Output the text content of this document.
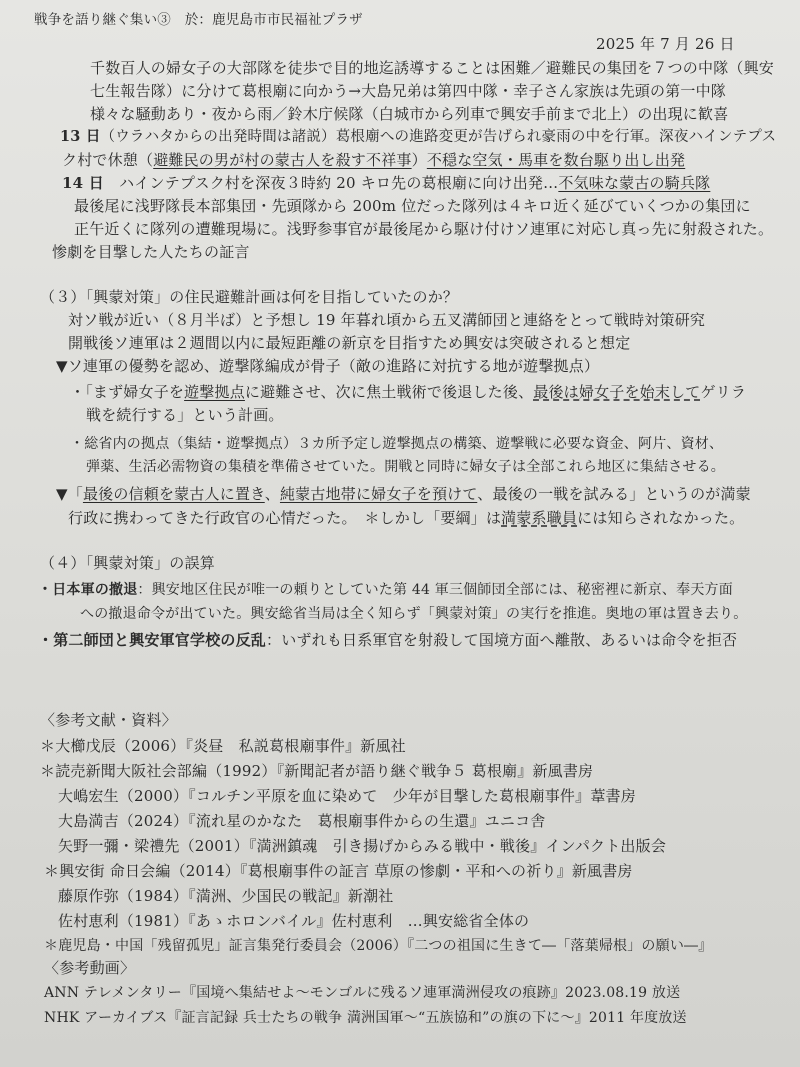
戦争を語り継ぐ集い③　於：鹿児島市市民福祉プラザ
2025 年 7 月 26 日
千数百人の婦女子の大部隊を徒歩で目的地迄誘導することは困難／避難民の集団を７つの中隊（興安
七生報告隊）に分けて葛根廟に向かう→大島兄弟は第四中隊・幸子さん家族は先頭の第一中隊
様々な騒動あり・夜から雨／鈴木庁候隊（白城市から列車で興安手前まで北上）の出現に歓喜
13 日（ウラハタからの出発時間は諸説）葛根廟への進路変更が告げられ豪雨の中を行軍。深夜ハインテプス
ク村で休憩（避難民の男が村の蒙古人を殺す不祥事）不穏な空気・馬車を数台駆り出し出発
14 日　 ハインテプスク村を深夜３時約 20 キロ先の葛根廟に向け出発…不気味な蒙古の騎兵隊
最後尾に浅野隊長本部集団・先頭隊から 200m 位だった隊列は４キロ近く延びていくつかの集団に
正午近くに隊列の遭難現場に。浅野参事官が最後尾から駆け付けソ連軍に対応し真っ先に射殺された。
惨劇を目撃した人たちの証言
（３）「興蒙対策」の住民避難計画は何を目指していたのか？
対ソ戦が近い（８月半ば）と予想し 19 年暮れ頃から五叉溝師団と連絡をとって戦時対策研究
開戦後ソ連軍は２週間以内に最短距離の新京を目指すため興安は突破されると想定
▼ソ連軍の優勢を認め、遊撃隊編成が骨子（敵の進路に対抗する地が遊撃拠点）
・「まず婦女子を遊撃拠点に避難させ、次に焦土戦術で後退した後、最後は婦女子を始末してゲリラ
戦を続行する」という計画。
・総省内の拠点（集結・遊撃拠点）３カ所予定し遊撃拠点の構築、遊撃戦に必要な資金、阿片、資材、
弾薬、生活必需物資の集積を準備させていた。開戦と同時に婦女子は全部これら地区に集結させる。
▼「最後の信頼を蒙古人に置き、純蒙古地帯に婦女子を預けて、最後の一戦を試みる」というのが満蒙
行政に携わってきた行政官の心情だった。　＊しかし「要綱」は満蒙系職員には知らされなかった。
（４）「興蒙対策」の誤算
・日本軍の撤退：興安地区住民が唯一の頼りとしていた第 44 軍三個師団全部には、秘密裡に新京、奉天方面
への撤退命令が出ていた。興安総省当局は全く知らず「興蒙対策」の実行を推進。奥地の軍は置き去り。
・第二師団と興安軍官学校の反乱：いずれも日系軍官を射殺して国境方面へ離散、あるいは命令を拒否
〈参考文献・資料〉
＊大櫛戊辰（2006）『炎昼　私説葛根廟事件』新風社
＊読売新聞大阪社会部編（1992）『新聞記者が語り継ぐ戦争５ 葛根廟』新風書房
大嶋宏生（2000）『コルチン平原を血に染めて　少年が目撃した葛根廟事件』葦書房
大島満吉（2024）『流れ星のかなた　葛根廟事件からの生還』ユニコ舎
矢野一彌・梁禮先（2001）『満洲鎮魂　引き揚げからみる戦中・戦後』インパクト出版会
＊興安街 命日会編（2014）『葛根廟事件の証言 草原の惨劇・平和への祈り』新風書房
藤原作弥（1984）『満洲、少国民の戦記』新潮社
佐村恵利（1981）『あゝホロンバイル』佐村恵利　…興安総省全体の
＊鹿児島・中国「残留孤児」証言集発行委員会（2006）『二つの祖国に生きて―「落葉帰根」の願い―』
〈参考動画〉
ANN テレメンタリー『国境へ集結せよ～モンゴルに残るソ連軍満洲侵攻の痕跡』2023.08.19 放送
NHK アーカイブス『証言記録 兵士たちの戦争 満洲国軍～“五族協和”の旗の下に～』2011 年度放送
